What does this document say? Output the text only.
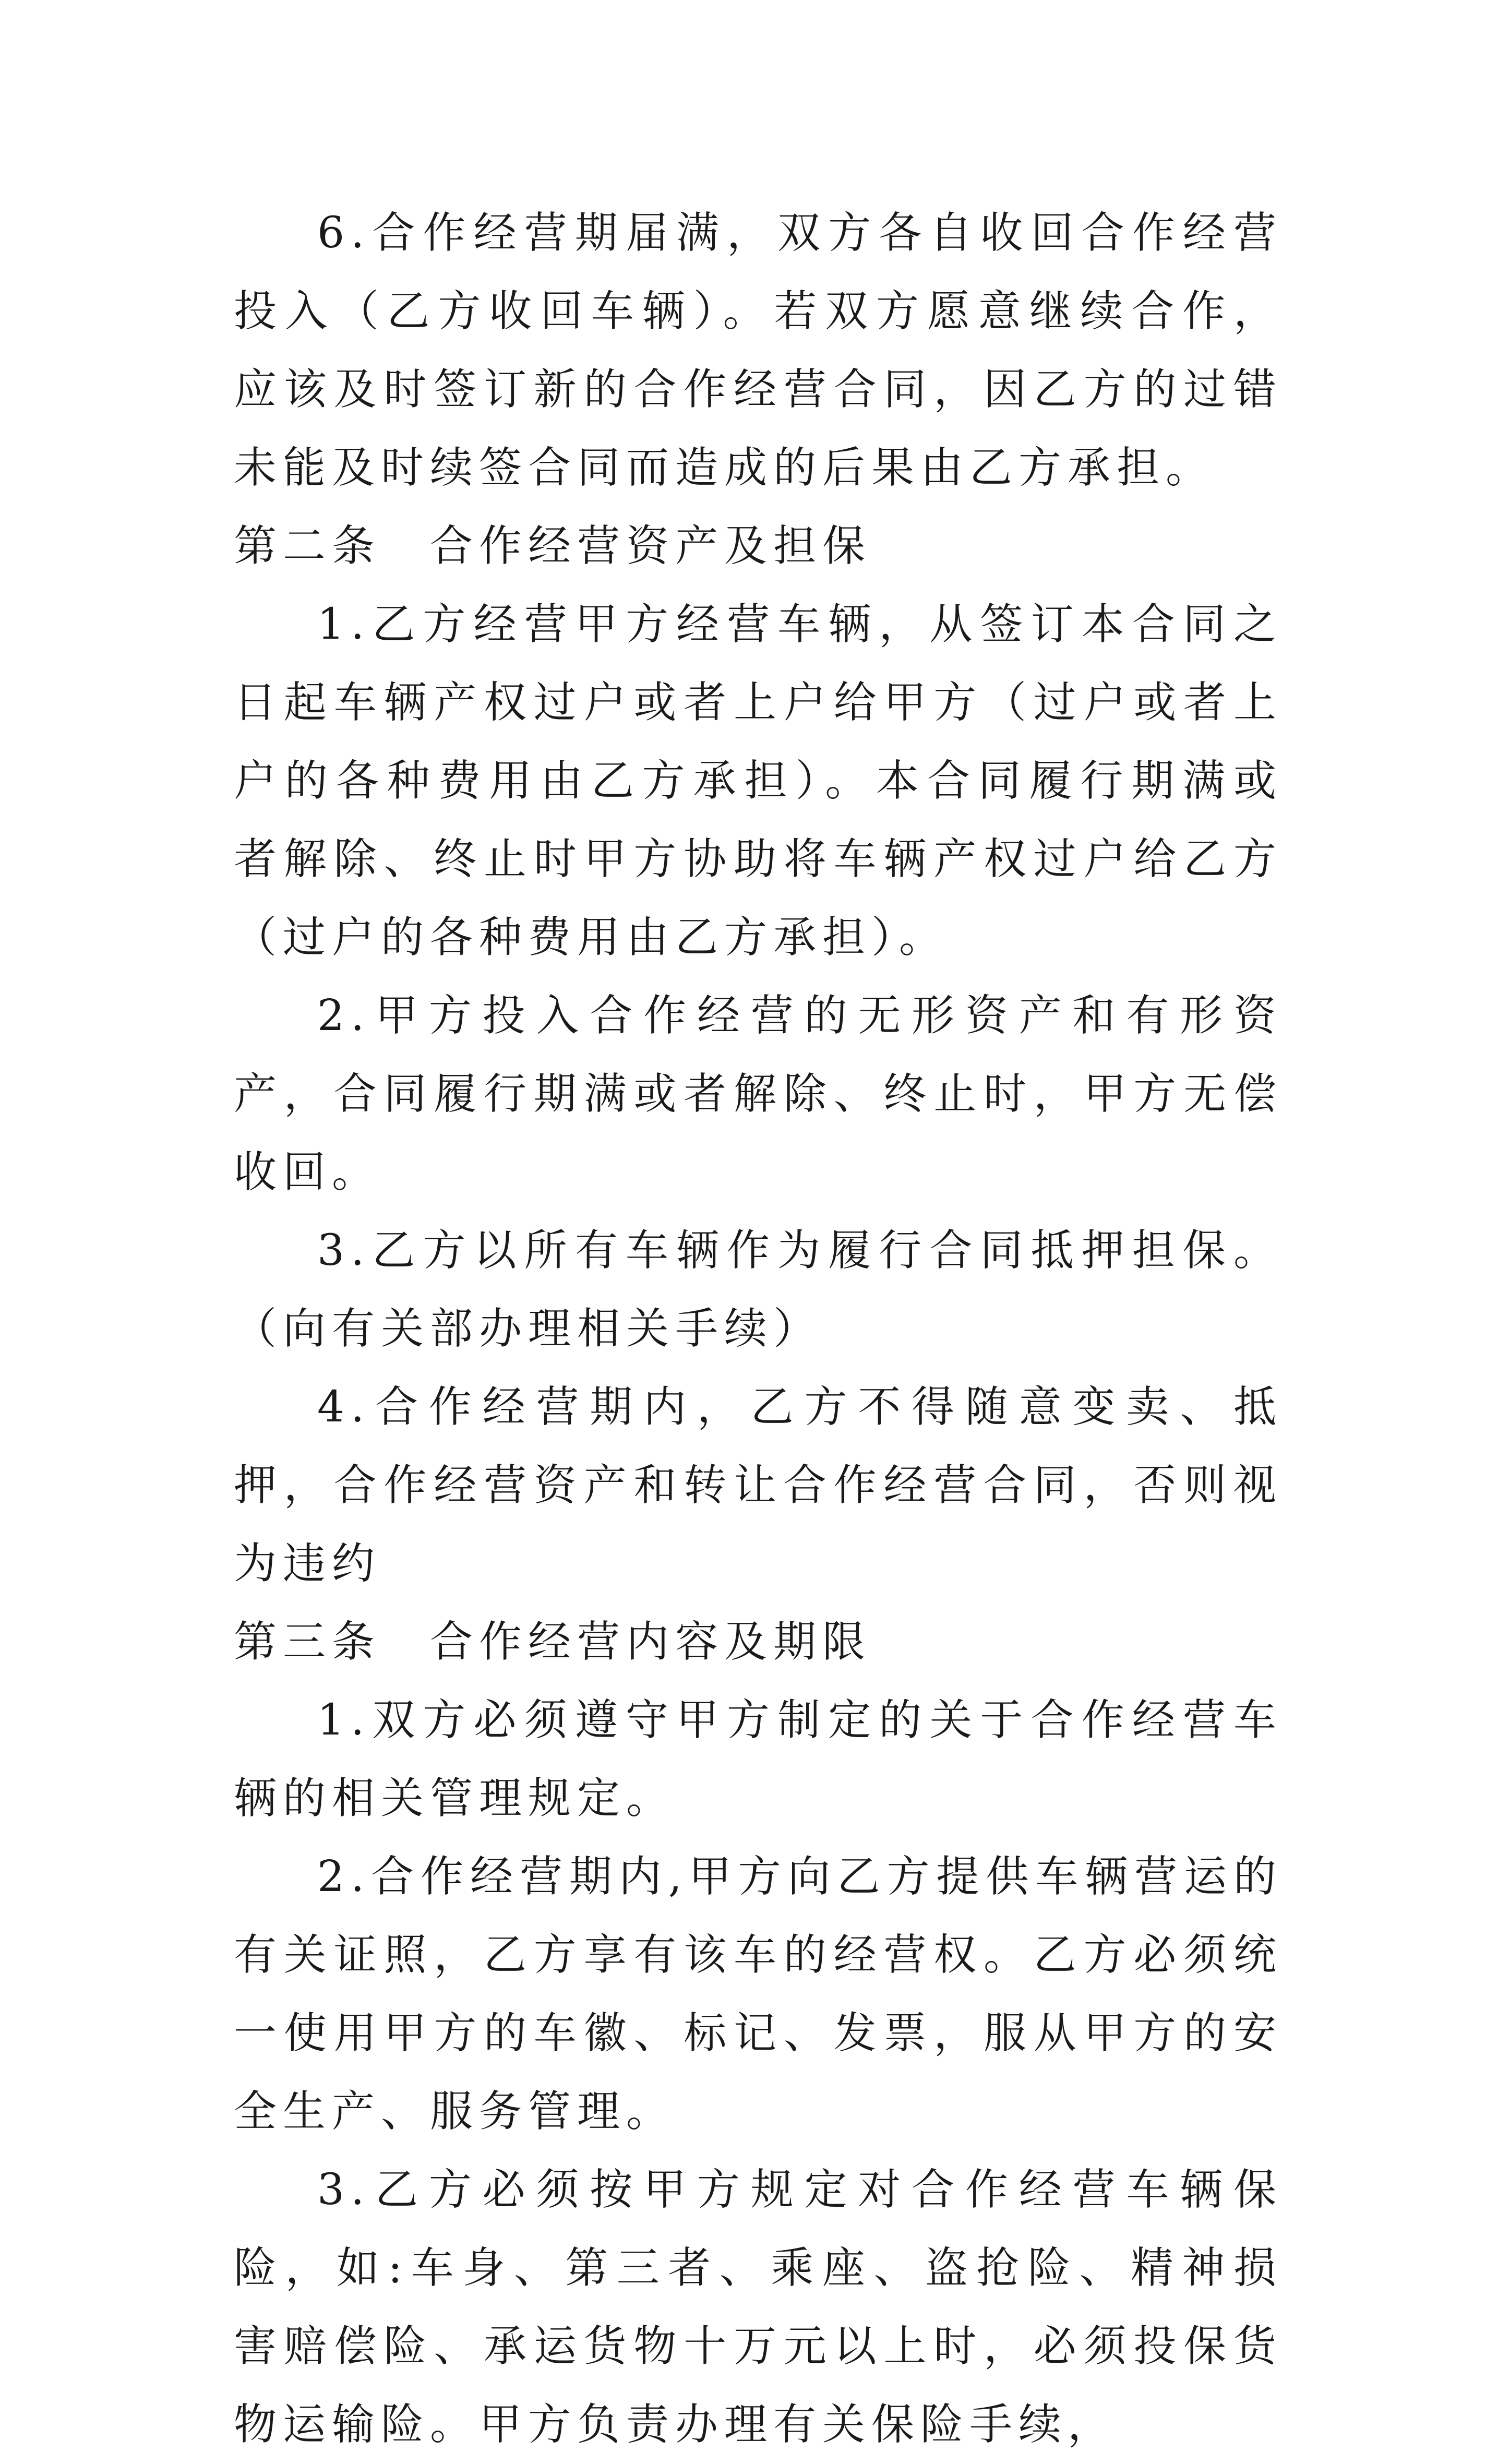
6.合作经营期届满，双方各自收回合作经营投入（乙方收回车辆）。若双方愿意继续合作，应该及时签订新的合作经营合同，因乙方的过错未能及时续签合同而造成的后果由乙方承担。

第二条　合作经营资产及担保

1.乙方经营甲方经营车辆，从签订本合同之日起车辆产权过户或者上户给甲方（过户或者上户的各种费用由乙方承担）。本合同履行期满或者解除、终止时甲方协助将车辆产权过户给乙方（过户的各种费用由乙方承担）。

2.甲方投入合作经营的无形资产和有形资产，合同履行期满或者解除、终止时，甲方无偿收回。

3.乙方以所有车辆作为履行合同抵押担保。（向有关部办理相关手续）

4.合作经营期内，乙方不得随意变卖、抵押，合作经营资产和转让合作经营合同，否则视为违约

第三条　合作经营内容及期限

1.双方必须遵守甲方制定的关于合作经营车辆的相关管理规定。

2.合作经营期内,甲方向乙方提供车辆营运的有关证照，乙方享有该车的经营权。乙方必须统一使用甲方的车徽、标记、发票，服从甲方的安全生产、服务管理。

3.乙方必须按甲方规定对合作经营车辆保险，如:车身、第三者、乘座、盗抢险、精神损害赔偿险、承运货物十万元以上时，必须投保货物运输险。甲方负责办理有关保险手续，
